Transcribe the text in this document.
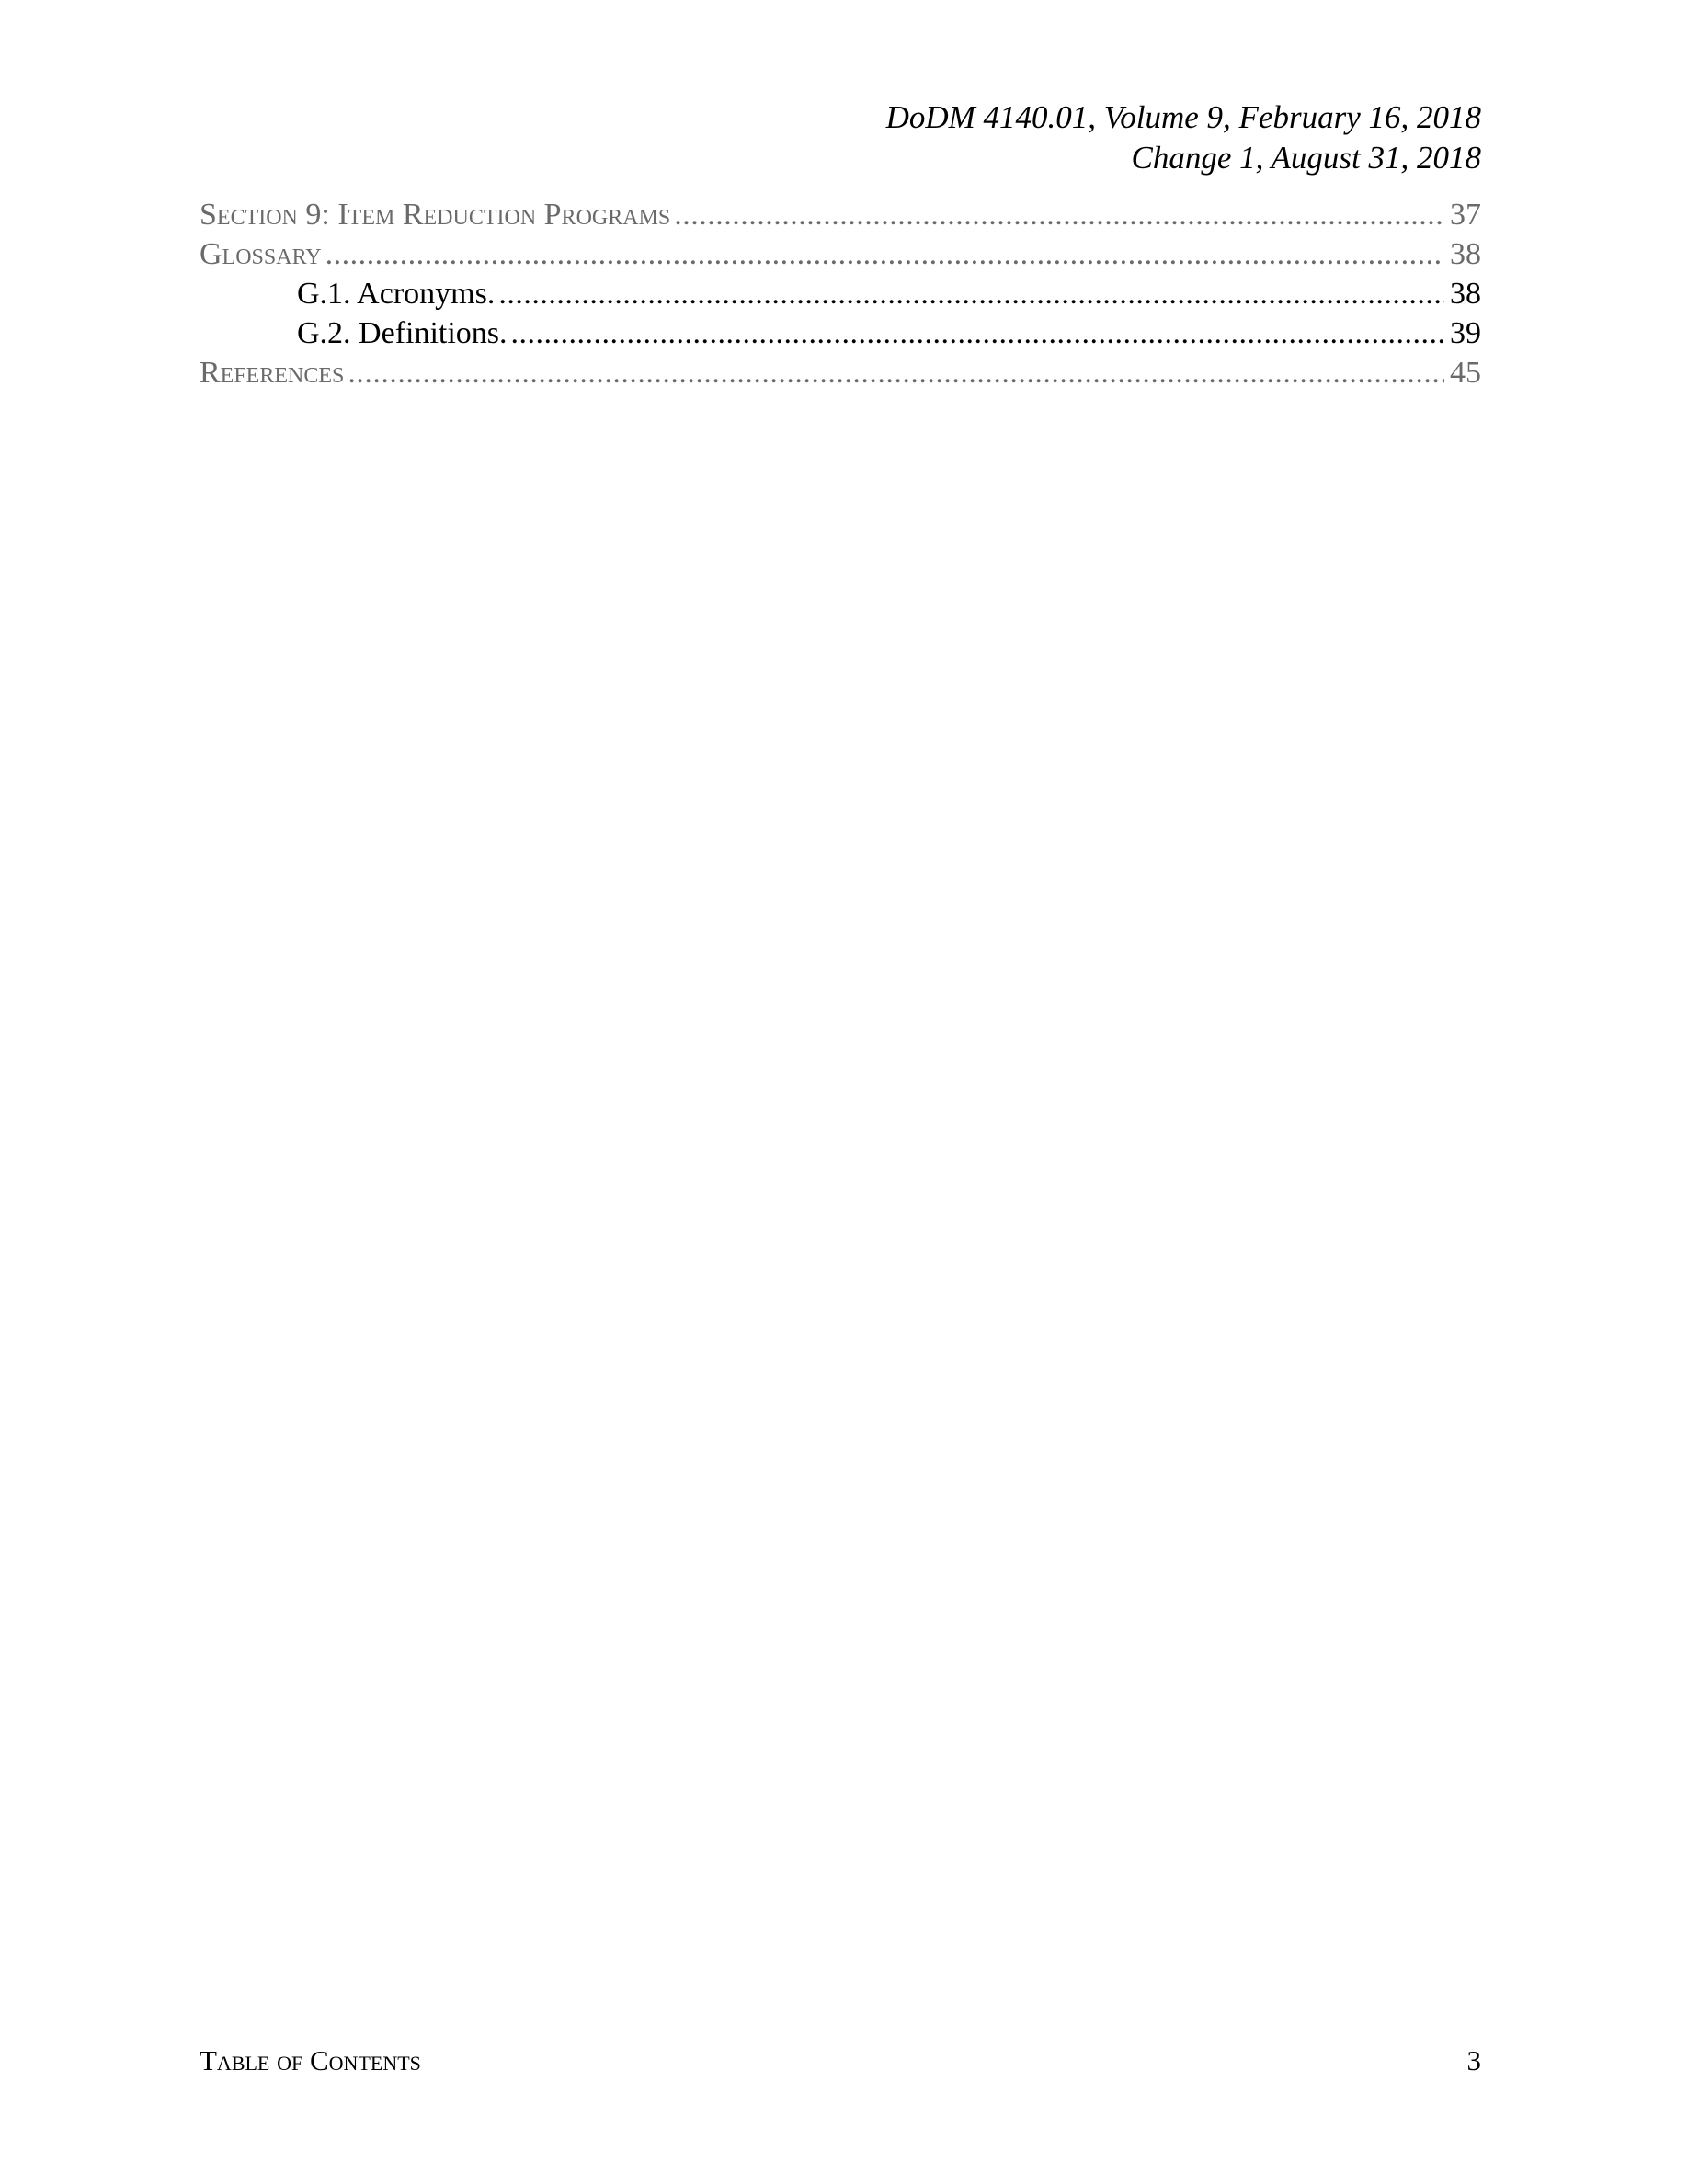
DoDM 4140.01, Volume 9, February 16, 2018
Change 1, August 31, 2018
Section 9: Item Reduction Programs . . .	37
Glossary . . .	38
G.1. Acronyms. . . .	38
G.2. Definitions. . . .	39
References . . .	45
Table of Contents	3
